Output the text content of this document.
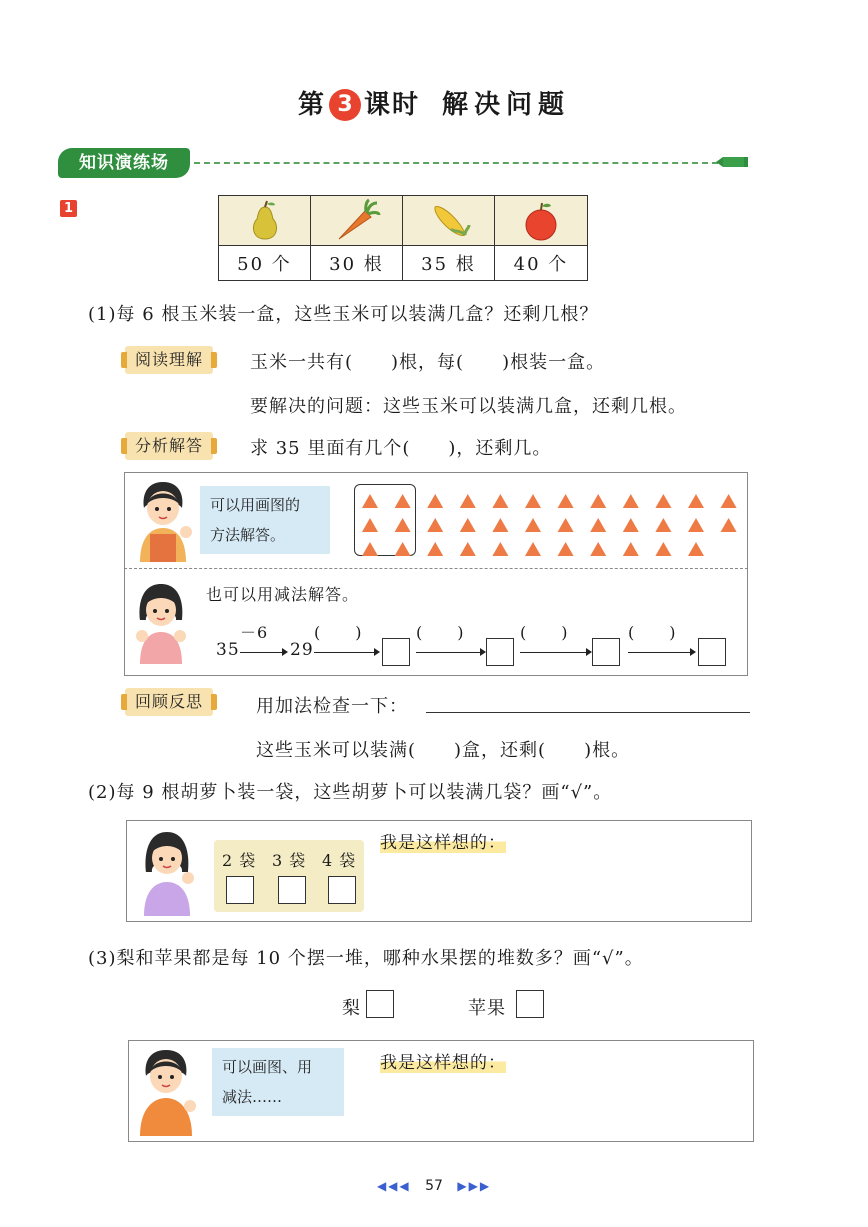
第 3 课时 解决问题
知识演练场
1
50 个	30 根	35 根	40 个
(1)每 6 根玉米装一盒，这些玉米可以装满几盒？还剩几根？
阅读理解	玉米一共有(　　)根，每(　　)根装一盒。
要解决的问题：这些玉米可以装满几盒，还剩几根。
分析解答	求 35 里面有几个(　　)，还剩几。
可以用画图的
方法解答。
也可以用减法解答。
35
－6
29
(　　)	(　　)	(　　)	(　　)
回顾反思	用加法检查一下：
这些玉米可以装满(　　)盒，还剩(　　)根。
(2)每 9 根胡萝卜装一袋，这些胡萝卜可以装满几袋？画“√”。
2 袋 3 袋 4 袋
我是这样想的：
(3)梨和苹果都是每 10 个摆一堆，哪种水果摆的堆数多？画“√”。
梨	苹果
可以画图、用
减法……
我是这样想的：
◀◀◀ 57 ▶▶▶
